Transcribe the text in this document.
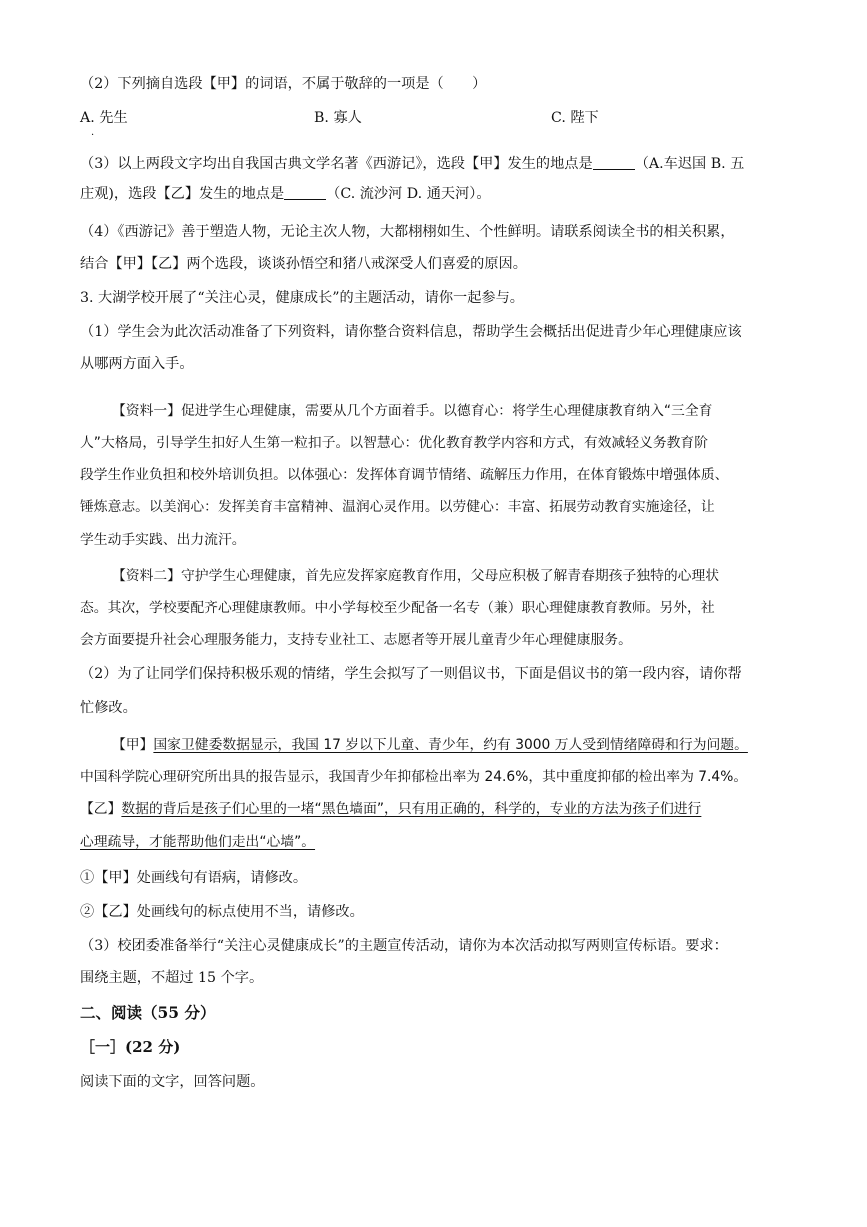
（2）下列摘自选段【甲】的词语，不属于敬辞的一项是（　　）
A. 先生
·
B. 寡人	C. 陛下
（3）以上两段文字均出自我国古典文学名著《西游记》，选段【甲】发生的地点是	（A.车迟国 B. 五
庄观)，选段【乙】发生的地点是	（C. 流沙河 D. 通天河）。
（4）《西游记》善于塑造人物，无论主次人物，大都栩栩如生、个性鲜明。请联系阅读全书的相关积累，
结合【甲】【乙】两个选段，谈谈孙悟空和猪八戒深受人们喜爱的原因。
3. 大湖学校开展了“关注心灵，健康成长”的主题活动，请你一起参与。
（1）学生会为此次活动准备了下列资料，请你整合资料信息，帮助学生会概括出促进青少年心理健康应该
从哪两方面入手。
【资料一】促进学生心理健康，需要从几个方面着手。以德育心：将学生心理健康教育纳入“三全育
人”大格局，引导学生扣好人生第一粒扣子。以智慧心：优化教育教学内容和方式，有效减轻义务教育阶
段学生作业负担和校外培训负担。以体强心：发挥体育调节情绪、疏解压力作用，在体育锻炼中增强体质、
锤炼意志。以美润心：发挥美育丰富精神、温润心灵作用。以劳健心：丰富、拓展劳动教育实施途径，让
学生动手实践、出力流汗。
【资料二】守护学生心理健康，首先应发挥家庭教育作用，父母应积极了解青春期孩子独特的心理状
态。其次，学校要配齐心理健康教师。中小学每校至少配备一名专（兼）职心理健康教育教师。另外，社
会方面要提升社会心理服务能力，支持专业社工、志愿者等开展儿童青少年心理健康服务。
（2）为了让同学们保持积极乐观的情绪，学生会拟写了一则倡议书，下面是倡议书的第一段内容，请你帮
忙修改。
【甲】国家卫健委数据显示，我国 17 岁以下儿童、青少年，约有 3000 万人受到情绪障碍和行为问题。
中国科学院心理研究所出具的报告显示，我国青少年抑郁检出率为 24.6%，其中重度抑郁的检出率为 7.4%。
【乙】数据的背后是孩子们心里的一堵“黑色墙面”，只有用正确的，科学的，专业的方法为孩子们进行
心理疏导，才能帮助他们走出“心墙”。
①【甲】处画线句有语病，请修改。
②【乙】处画线句的标点使用不当，请修改。
（3）校团委准备举行“关注心灵健康成长”的主题宣传活动，请你为本次活动拟写两则宣传标语。要求：
围绕主题，不超过 15 个字。
二、阅读（55 分）
［一］(22 分)
阅读下面的文字，回答问题。
